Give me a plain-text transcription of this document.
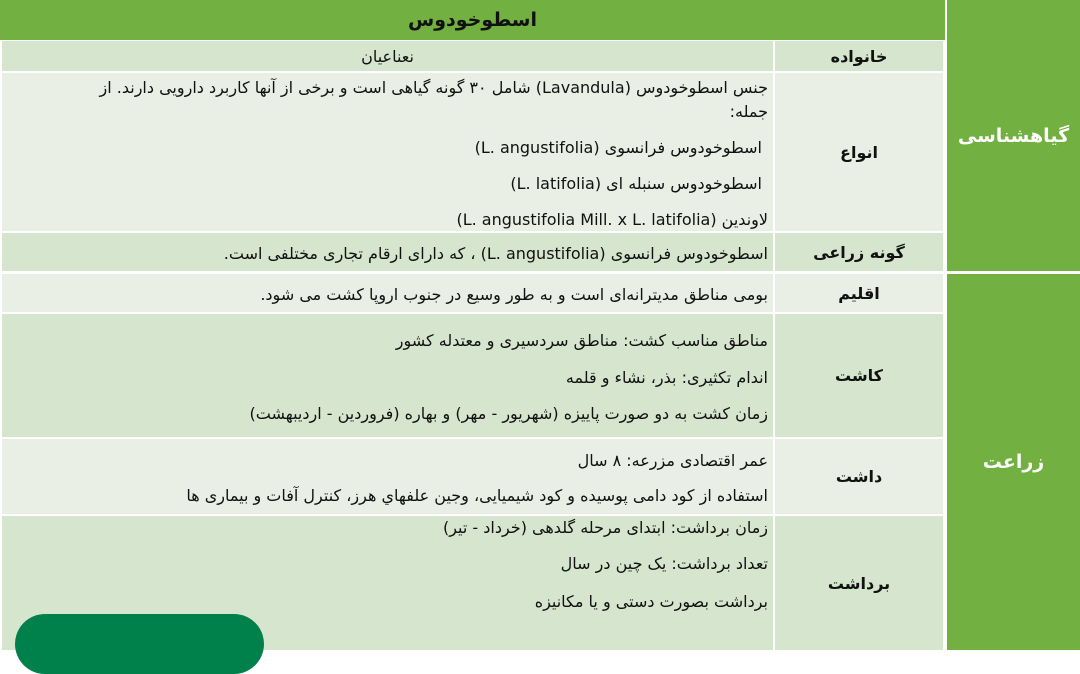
اسطوخودوس
گیاهشناسی
زراعت
نعناعیان	خانواده
انواع
جنس اسطوخودوس (Lavandula) شامل ۳۰ گونه گیاهی است و برخی از آنها کاربرد دارویی دارند. از
جمله:
اسطوخودوس فرانسوی (L. angustifolia)
اسطوخودوس سنبله ای (L. latifolia)
لاوندین (L. angustifolia Mill. x L. latifolia)
گونه زراعی
اسطوخودوس فرانسوی (L. angustifolia) ، که دارای ارقام تجاری مختلفی است.
اقلیم
بومی مناطق مدیترانه‌ای است و به طور وسیع در جنوب اروپا کشت می شود.
کاشت
مناطق مناسب کشت: مناطق سردسیری و معتدله کشور
اندام تکثیری: بذر، نشاء و قلمه
زمان کشت به دو صورت پاییزه (شهریور - مهر) و بهاره (فروردین - اردیبهشت)
داشت
عمر اقتصادی مزرعه: ۸ سال
استفاده از کود دامی پوسیده و کود شیمیایی، وجین علفهاي هرز، کنترل آفات و بیماری ها
برداشت
زمان برداشت: ابتدای مرحله گلدهی (خرداد - تیر)
تعداد برداشت: یک چین در سال
برداشت بصورت دستی و یا مکانیزه
